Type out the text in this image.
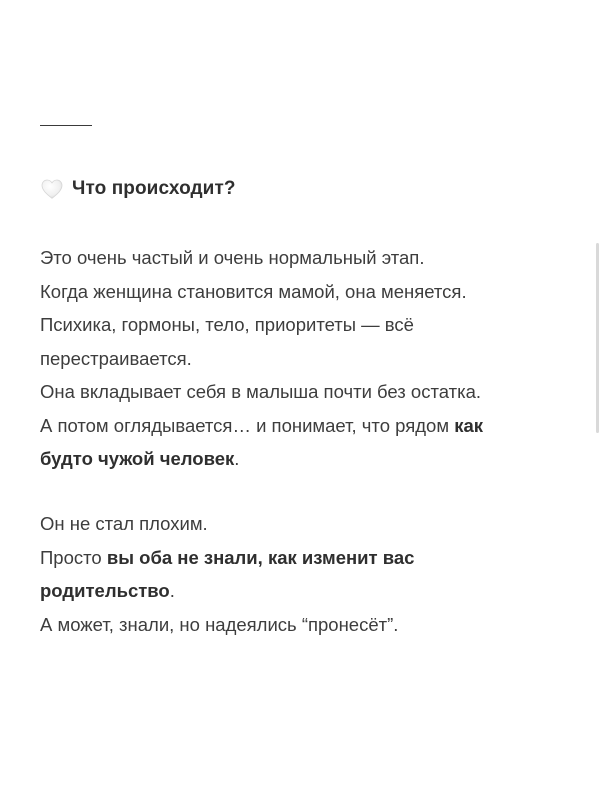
Что происходит?
Это очень частый и очень нормальный этап.
Когда женщина становится мамой, она меняется.
Психика, гормоны, тело, приоритеты — всё
перестраивается.
Она вкладывает себя в малыша почти без остатка.
А потом оглядывается… и понимает, что рядом как
будто чужой человек.
Он не стал плохим.
Просто вы оба не знали, как изменит вас
родительство.
А может, знали, но надеялись “пронесёт”.
